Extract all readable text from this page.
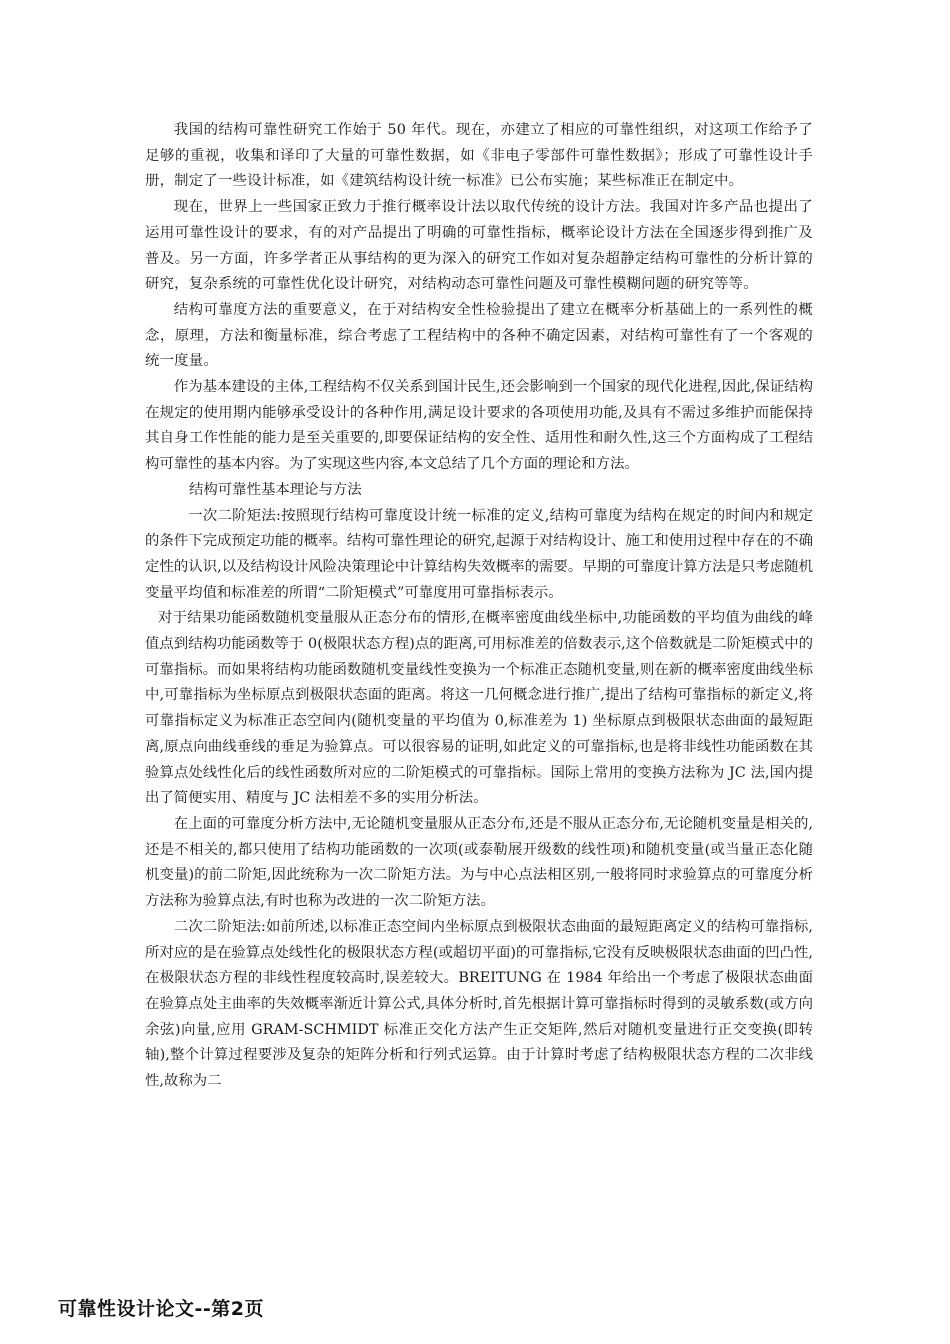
我国的结构可靠性研究工作始于 50 年代。现在，亦建立了相应的可靠性组织，对这项工作给予了足够的重视，收集和译印了大量的可靠性数据，如《非电子零部件可靠性数据》；形成了可靠性设计手册，制定了一些设计标准，如《建筑结构设计统一标准》已公布实施；某些标准正在制定中。

现在，世界上一些国家正致力于推行概率设计法以取代传统的设计方法。我国对许多产品也提出了运用可靠性设计的要求，有的对产品提出了明确的可靠性指标，概率论设计方法在全国逐步得到推广及普及。另一方面，许多学者正从事结构的更为深入的研究工作如对复杂超静定结构可靠性的分析计算的研究，复杂系统的可靠性优化设计研究，对结构动态可靠性问题及可靠性模糊问题的研究等等。

结构可靠度方法的重要意义，在于对结构安全性检验提出了建立在概率分析基础上的一系列性的概念，原理，方法和衡量标准，综合考虑了工程结构中的各种不确定因素，对结构可靠性有了一个客观的统一度量。

作为基本建设的主体,工程结构不仅关系到国计民生,还会影响到一个国家的现代化进程,因此,保证结构在规定的使用期内能够承受设计的各种作用,满足设计要求的各项使用功能,及具有不需过多维护而能保持其自身工作性能的能力是至关重要的,即要保证结构的安全性、适用性和耐久性,这三个方面构成了工程结构可靠性的基本内容。为了实现这些内容,本文总结了几个方面的理论和方法。

结构可靠性基本理论与方法

一次二阶矩法:按照现行结构可靠度设计统一标准的定义,结构可靠度为结构在规定的时间内和规定的条件下完成预定功能的概率。结构可靠性理论的研究,起源于对结构设计、施工和使用过程中存在的不确定性的认识,以及结构设计风险决策理论中计算结构失效概率的需要。早期的可靠度计算方法是只考虑随机变量平均值和标准差的所谓“二阶矩模式”可靠度用可靠指标表示。

对于结果功能函数随机变量服从正态分布的情形,在概率密度曲线坐标中,功能函数的平均值为曲线的峰值点到结构功能函数等于 0(极限状态方程)点的距离,可用标准差的倍数表示,这个倍数就是二阶矩模式中的可靠指标。而如果将结构功能函数随机变量线性变换为一个标准正态随机变量,则在新的概率密度曲线坐标中,可靠指标为坐标原点到极限状态面的距离。将这一几何概念进行推广,提出了结构可靠指标的新定义,将可靠指标定义为标准正态空间内(随机变量的平均值为 0,标准差为 1) 坐标原点到极限状态曲面的最短距离,原点向曲线垂线的垂足为验算点。可以很容易的证明,如此定义的可靠指标,也是将非线性功能函数在其验算点处线性化后的线性函数所对应的二阶矩模式的可靠指标。国际上常用的变换方法称为 JC 法,国内提出了简便实用、精度与 JC 法相差不多的实用分析法。

在上面的可靠度分析方法中,无论随机变量服从正态分布,还是不服从正态分布,无论随机变量是相关的,还是不相关的,都只使用了结构功能函数的一次项(或泰勒展开级数的线性项)和随机变量(或当量正态化随机变量)的前二阶矩,因此统称为一次二阶矩方法。为与中心点法相区别,一般将同时求验算点的可靠度分析方法称为验算点法,有时也称为改进的一次二阶矩方法。

二次二阶矩法:如前所述,以标准正态空间内坐标原点到极限状态曲面的最短距离定义的结构可靠指标,所对应的是在验算点处线性化的极限状态方程(或超切平面)的可靠指标,它没有反映极限状态曲面的凹凸性,在极限状态方程的非线性程度较高时,误差较大。BREITUNG 在 1984 年给出一个考虑了极限状态曲面在验算点处主曲率的失效概率渐近计算公式,具体分析时,首先根据计算可靠指标时得到的灵敏系数(或方向余弦)向量,应用 GRAM-SCHMIDT 标准正交化方法产生正交矩阵,然后对随机变量进行正交变换(即转轴),整个计算过程要涉及复杂的矩阵分析和行列式运算。由于计算时考虑了结构极限状态方程的二次非线性,故称为二

可靠性设计论文--第2页
